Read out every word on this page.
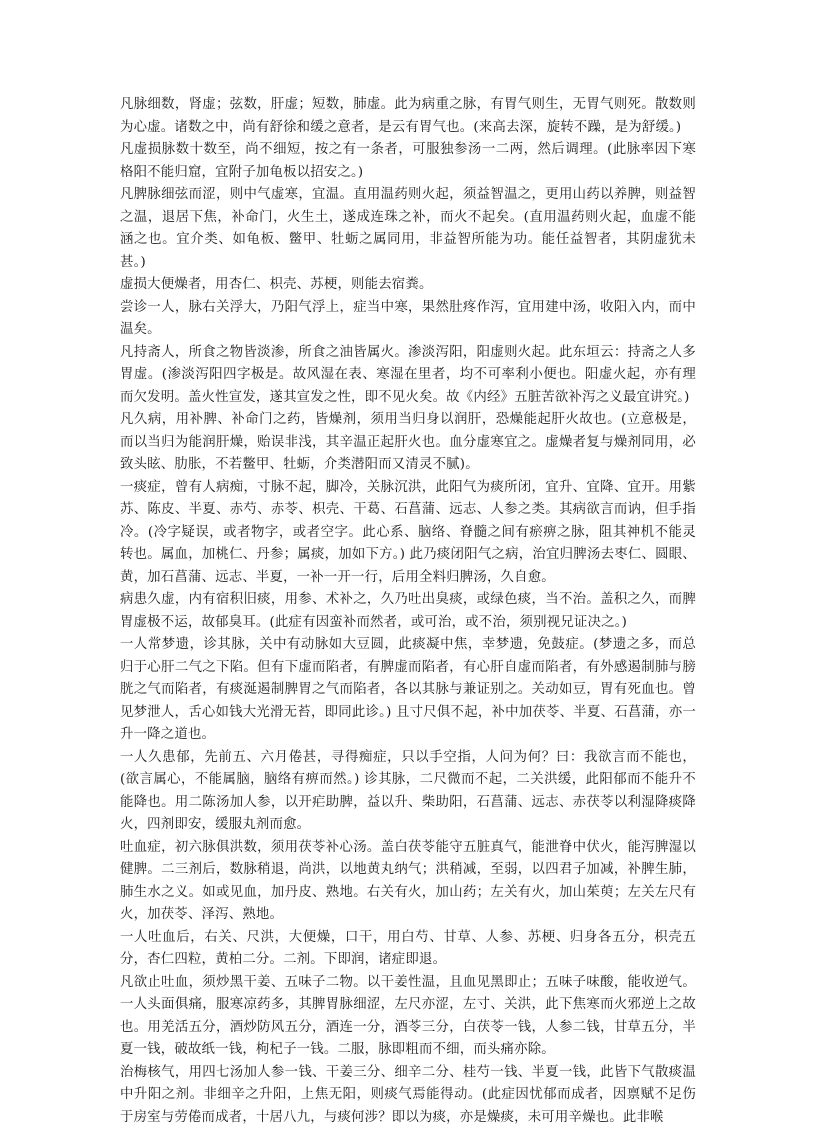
凡脉细数，肾虚；弦数，肝虚；短数，肺虚。此为病重之脉，有胃气则生，无胃气则死。散数则为心虚。诸数之中，尚有舒徐和缓之意者，是云有胃气也。(来高去深，旋转不躁，是为舒缓。)

凡虚损脉数十数至，尚不细短，按之有一条者，可服独参汤一二两，然后调理。(此脉率因下寒格阳不能归窟，宜附子加龟板以招安之。)

凡脾脉细弦而涩，则中气虚寒，宜温。直用温药则火起，须益智温之，更用山药以养脾，则益智之温，退居下焦，补命门，火生土，遂成连珠之补，而火不起矣。(直用温药则火起，血虚不能涵之也。宜介类、如龟板、鳖甲、牡蛎之属同用，非益智所能为功。能任益智者，其阴虚犹未甚。)

虚损大便燥者，用杏仁、枳壳、苏梗，则能去宿粪。

尝诊一人，脉右关浮大，乃阳气浮上，症当中寒，果然肚疼作泻，宜用建中汤，收阳入内，而中温矣。

凡持斋人，所食之物皆淡渗，所食之油皆属火。渗淡泻阳，阳虚则火起。此东垣云：持斋之人多胃虚。(渗淡泻阳四字极是。故风湿在表、寒湿在里者，均不可率利小便也。阳虚火起，亦有理而欠发明。盖火性宣发，遂其宣发之性，即不见火矣。故《内经》五脏苦欲补泻之义最宜讲究。)

凡久病，用补脾、补命门之药，皆燥剂，须用当归身以润肝，恐燥能起肝火故也。(立意极是，而以当归为能润肝燥，贻误非浅，其辛温正起肝火也。血分虚寒宜之。虚燥者复与燥剂同用，必致头眩、肋胀，不若鳖甲、牡蛎，介类潜阳而又清灵不腻)。

一痰症，曾有人病痴，寸脉不起，脚冷，关脉沉洪，此阳气为痰所闭，宜升、宜降、宜开。用紫苏、陈皮、半夏、赤芍、赤苓、枳壳、干葛、石菖蒲、远志、人参之类。其病欲言而讷，但手指冷。(冷字疑误，或者物字，或者空字。此心系、脑络、脊髓之间有瘀痹之脉，阻其神机不能灵转也。属血，加桃仁、丹参；属痰，加如下方。) 此乃痰闭阳气之病，治宜归脾汤去枣仁、圆眼、黄，加石菖蒲、远志、半夏，一补一开一行，后用全料归脾汤，久自愈。

病患久虚，内有宿积旧痰，用参、术补之，久乃吐出臭痰，或绿色痰，当不治。盖积之久，而脾胃虚极不运，故郁臭耳。(此症有因蛮补而然者，或可治，或不治，须别视兄证决之。)

一人常梦遗，诊其脉，关中有动脉如大豆圆，此痰凝中焦，幸梦遗，免鼓症。(梦遗之多，而总归于心肝二气之下陷。但有下虚而陷者，有脾虚而陷者，有心肝自虚而陷者，有外感遏制肺与膀胱之气而陷者，有痰涎遏制脾胃之气而陷者，各以其脉与兼证别之。关动如豆，胃有死血也。曾见梦泄人，舌心如钱大光滑无苔，即同此诊。) 且寸尺俱不起，补中加茯苓、半夏、石菖蒲，亦一升一降之道也。

一人久患郁，先前五、六月倦甚，寻得痴症，只以手空指，人问为何？曰：我欲言而不能也，(欲言属心，不能属脑，脑络有痹而然。) 诊其脉，二尺微而不起，二关洪缓，此阳郁而不能升不能降也。用二陈汤加人参，以开疟助脾，益以升、柴助阳，石菖蒲、远志、赤茯苓以利湿降痰降火，四剂即安，缓服丸剂而愈。

吐血症，初六脉俱洪数，须用茯苓补心汤。盖白茯苓能守五脏真气，能泄脊中伏火，能泻脾湿以健脾。二三剂后，数脉稍退，尚洪，以地黄丸纳气；洪稍减，至弱，以四君子加减，补脾生肺，肺生水之义。如或见血，加丹皮、熟地。右关有火，加山药；左关有火，加山茱萸；左关左尺有火，加茯苓、泽泻、熟地。

一人吐血后，右关、尺洪，大便燥，口干，用白芍、甘草、人参、苏梗、归身各五分，枳壳五分，杏仁四粒，黄柏二分。二剂。下即润，诸症即退。

凡欲止吐血，须炒黑干姜、五味子二物。以干姜性温，且血见黑即止；五味子味酸，能收逆气。一人头面俱痛，服寒凉药多，其脾胃脉细涩，左尺亦涩，左寸、关洪，此下焦寒而火邪逆上之故也。用羌活五分，酒炒防风五分，酒连一分，酒苓三分，白茯苓一钱，人参二钱，甘草五分，半夏一钱，破故纸一钱，枸杞子一钱。二服，脉即粗而不细，而头痛亦除。

治梅核气，用四七汤加人参一钱、干姜三分、细辛二分、桂芍一钱、半夏一钱，此皆下气散痰温中升阳之剂。非细辛之升阳，上焦无阳，则痰气焉能得动。(此症因忧郁而成者，因禀赋不足伤于房室与劳倦而成者，十居八九，与痰何涉？即以为痰，亦是燥痰，未可用辛燥也。此非喉
